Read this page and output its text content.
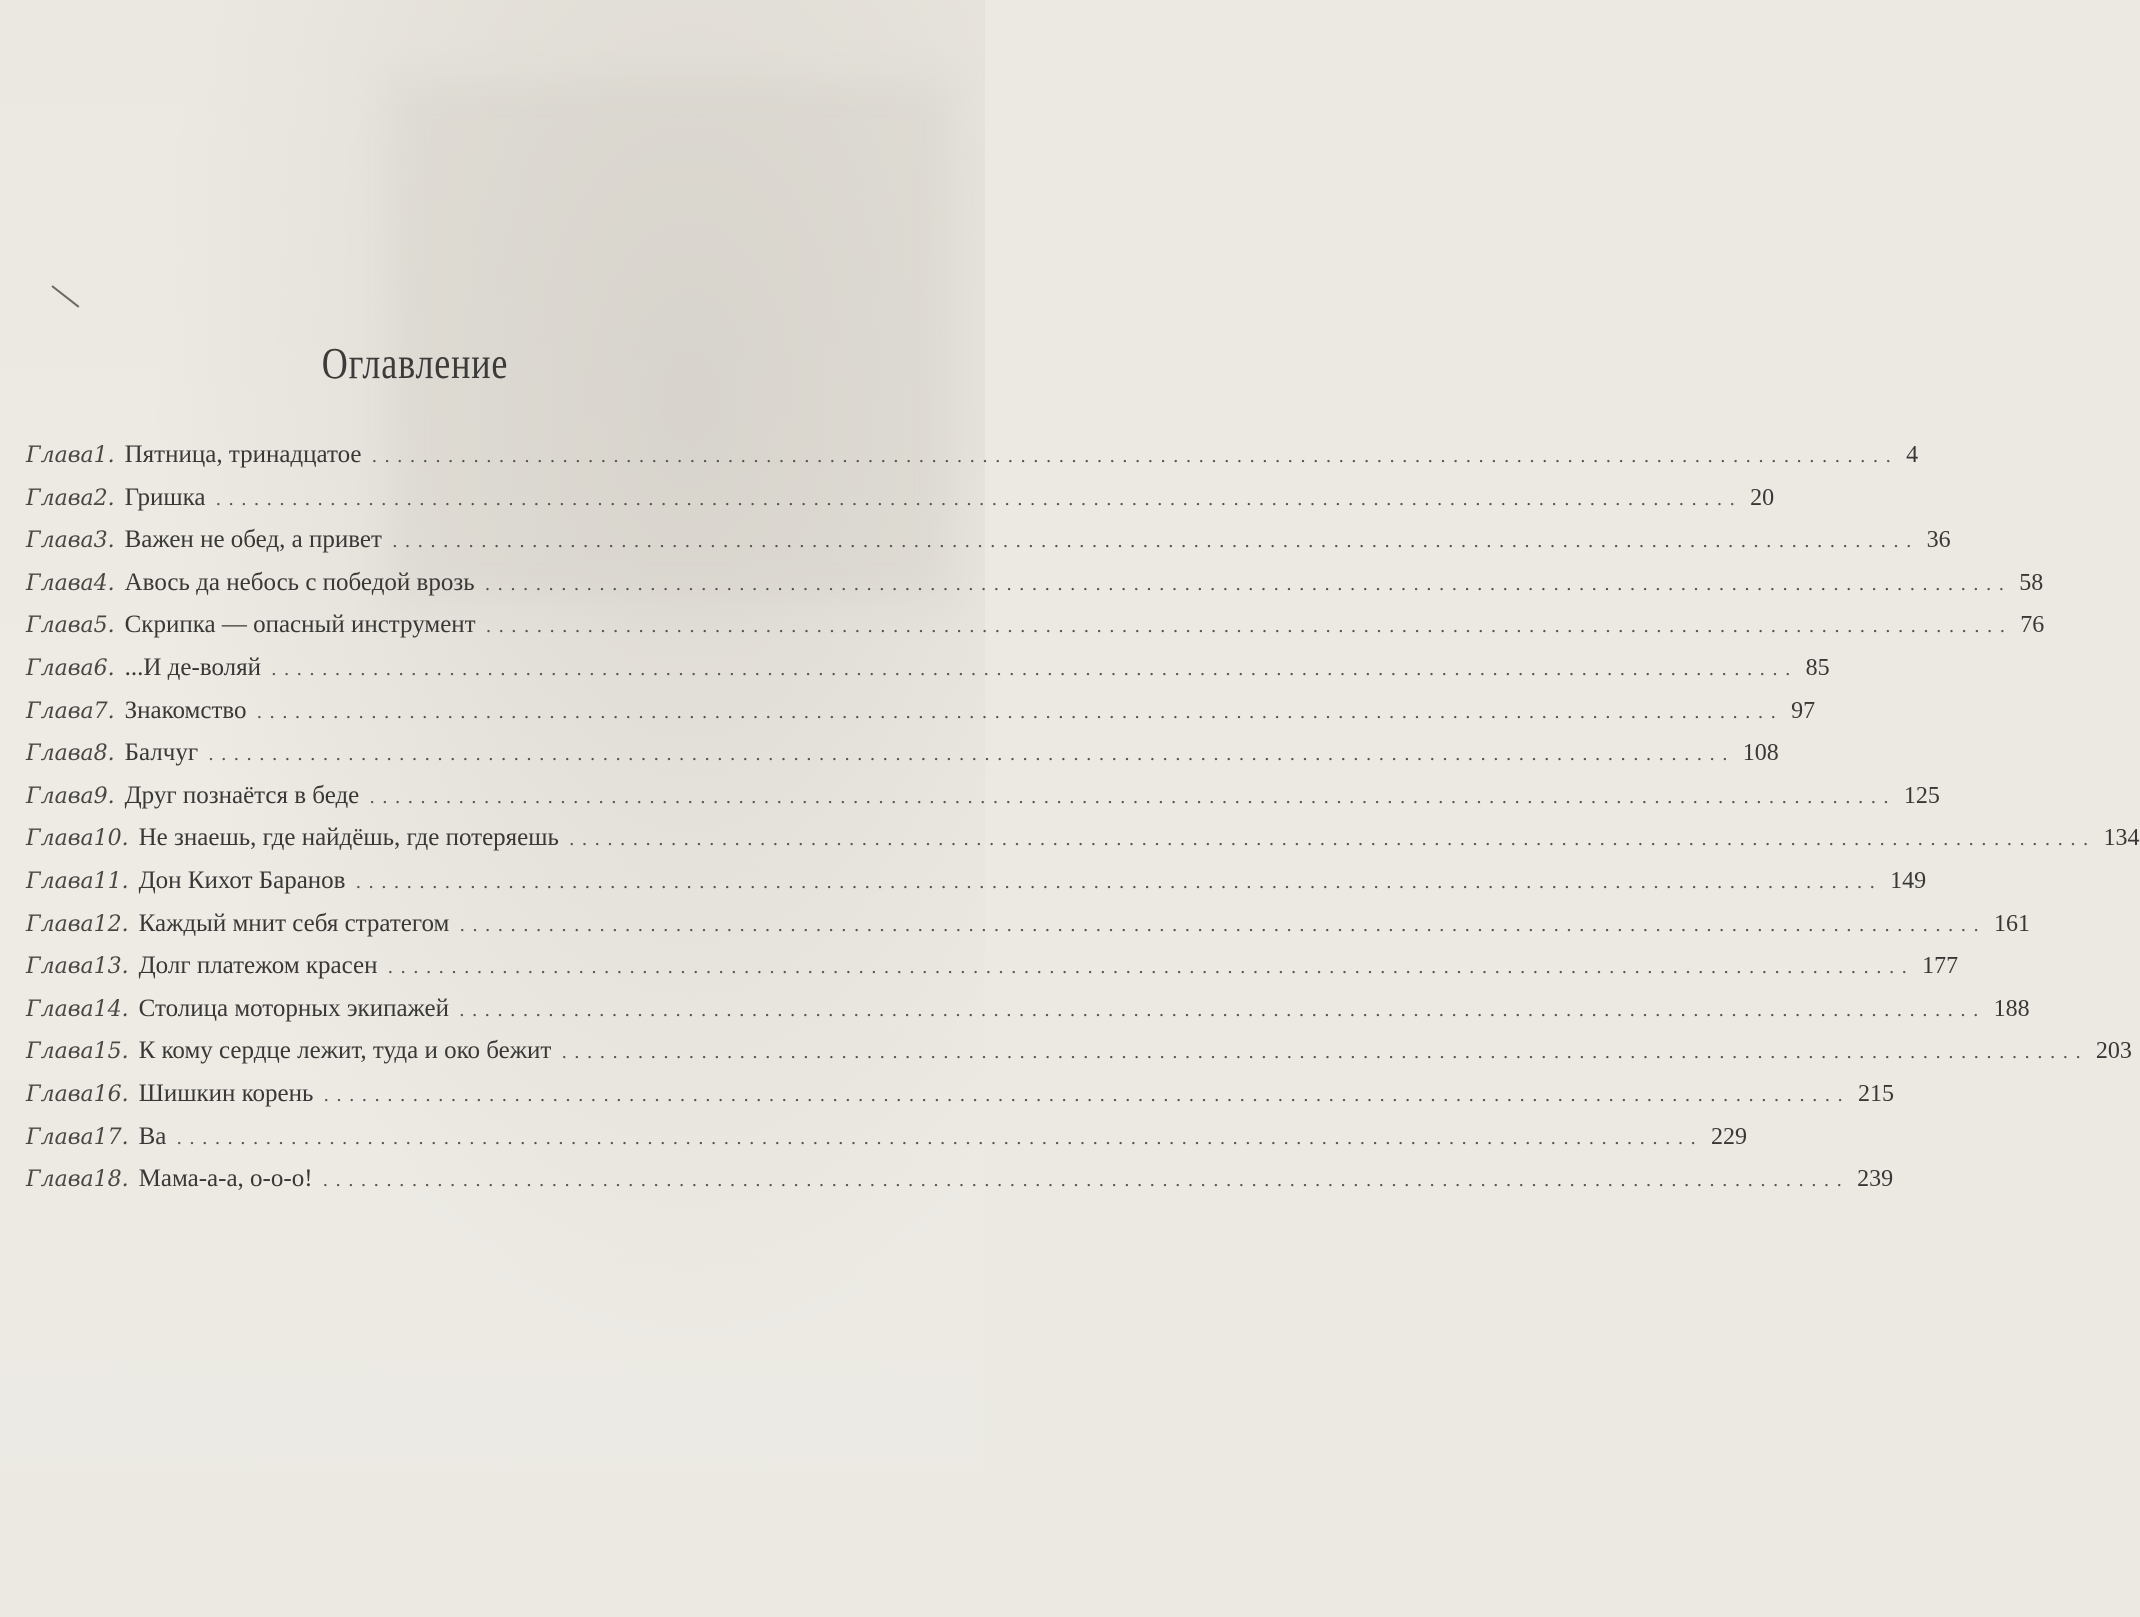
Оглавление
Глава 1. Пятница, тринадцатое ........................................................................................................................ 4
Глава 2. Гришка ........................................................................................................................ 20
Глава 3. Важен не обед, а привет ........................................................................................................................ 36
Глава 4. Авось да небось с победой врозь ........................................................................................................................ 58
Глава 5. Скрипка — опасный инструмент ........................................................................................................................ 76
Глава 6. ...И де-воляй ........................................................................................................................ 85
Глава 7. Знакомство ........................................................................................................................ 97
Глава 8. Балчуг ........................................................................................................................ 108
Глава 9. Друг познаётся в беде ........................................................................................................................ 125
Глава 10. Не знаешь, где найдёшь, где потеряешь ........................................................................................................................ 134
Глава 11. Дон Кихот Баранов ........................................................................................................................ 149
Глава 12. Каждый мнит себя стратегом ........................................................................................................................ 161
Глава 13. Долг платежом красен ........................................................................................................................ 177
Глава 14. Столица моторных экипажей ........................................................................................................................ 188
Глава 15. К кому сердце лежит, туда и око бежит ........................................................................................................................ 203
Глава 16. Шишкин корень ........................................................................................................................ 215
Глава 17. Ва ........................................................................................................................ 229
Глава 18. Мама-а-а, о-о-о! ........................................................................................................................ 239
